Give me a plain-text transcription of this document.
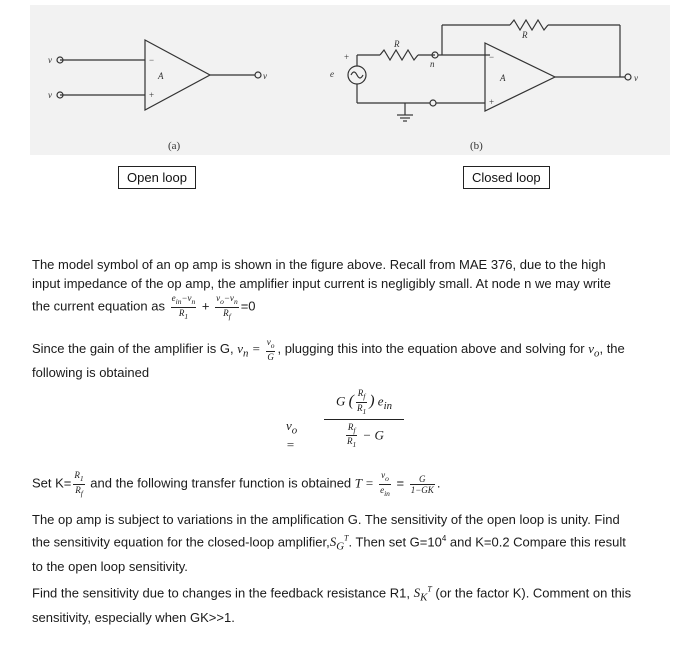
v
v
A
−
+
v	e
+
R
n
R
A
−
+
v
(a)	(b)
Open loop	Closed loop
The model symbol of an op amp is shown in the figure above. Recall from MAE 376, due to the high
input impedance of the op amp, the amplifier input current is negligibly small. At node n we may write
the current equation as $\frac{e_{in}-v_n}{R_1} + \frac{v_o-v_n}{R_f} =0$
Since the gain of the amplifier is G, $v_n = \frac{v_o}{G}$ , plugging this into the equation above and solving for $v_o$, the
following is obtained
$v_o$ =
G ( $\frac{R_f}{R_1}$ ) $e_{in}$
$\frac{R_f}{R_1} - G$
Set $K= \frac{R_1}{R_f}$ and the following transfer function is obtained $T = \frac{v_o}{e_{in}} = \frac{G}{1-GK}$ .
The op amp is subject to variations in the amplification G. The sensitivity of the open loop is unity. Find
the sensitivity equation for the closed-loop $amplifier,S_G^T$. Then set $G=10^4$ and K=0.2 Compare this result
to the open loop sensitivity.
Find the sensitivity due to changes in the feedback resistance R1, $S_K^T$ (or the factor K). Comment on this
sensitivity, especially when GK>>1.
